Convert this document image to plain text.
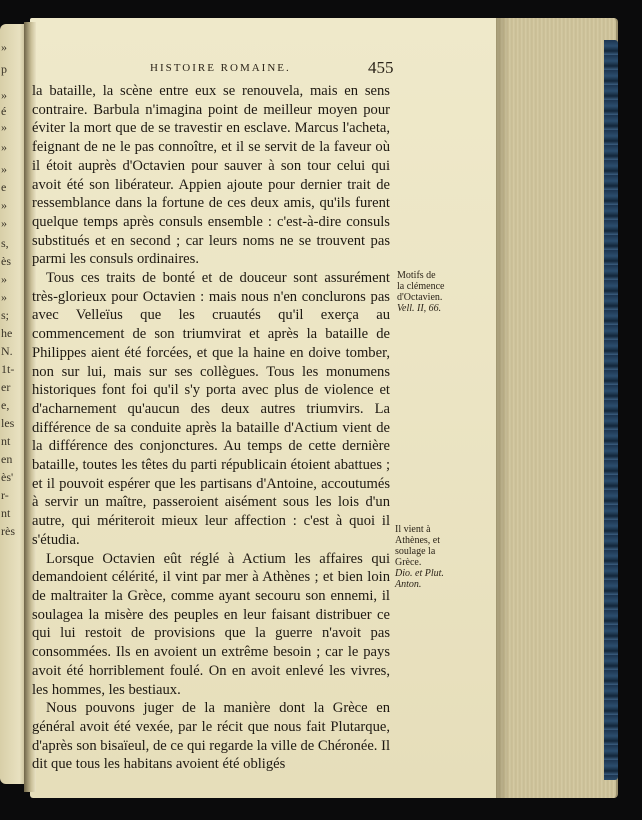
»
p
»
é
»
»
»
e
»
»
s,
ès
»
»
s;
he
N.
1t-
er
e,
les
nt
en
ès'
r-
nt
rès
HISTOIRE ROMAINE.	455

la bataille, la scène entre eux se renouvela, mais en sens contraire. Barbula n'imagina point de meilleur moyen pour éviter la mort que de se travestir en esclave. Marcus l'acheta, feignant de ne le pas connoître, et il se servit de la faveur où il étoit auprès d'Octavien pour sauver à son tour celui qui avoit été son libérateur. Appien ajoute pour dernier trait de ressemblance dans la fortune de ces deux amis, qu'ils furent quelque temps après consuls ensemble : c'est-à-dire consuls substitués et en second ; car leurs noms ne se trouvent pas parmi les consuls ordinaires.

Tous ces traits de bonté et de douceur sont assurément très-glorieux pour Octavien : mais nous n'en conclurons pas avec Velleïus que les cruautés qu'il exerça au commencement de son triumvirat et après la bataille de Philippes aient été forcées, et que la haine en doive tomber, non sur lui, mais sur ses collègues. Tous les monumens historiques font foi qu'il s'y porta avec plus de violence et d'acharnement qu'aucun des deux autres triumvirs. La différence de sa conduite après la bataille d'Actium vient de la différence des conjonctures. Au temps de cette dernière bataille, toutes les têtes du parti républicain étoient abattues ; et il pouvoit espérer que les partisans d'Antoine, accoutumés à servir un maître, passeroient aisément sous les lois d'un autre, qui mériteroit mieux leur affection : c'est à quoi il s'étudia.

Lorsque Octavien eût réglé à Actium les affaires qui demandoient célérité, il vint par mer à Athènes ; et bien loin de maltraiter la Grèce, comme ayant secouru son ennemi, il soulagea la misère des peuples en leur faisant distribuer ce qui lui restoit de provisions que la guerre n'avoit pas consommées. Ils en avoient un extrême besoin ; car le pays avoit été horriblement foulé. On en avoit enlevé les vivres, les hommes, les bestiaux.

Nous pouvons juger de la manière dont la Grèce en général avoit été vexée, par le récit que nous fait Plutarque, d'après son bisaïeul, de ce qui regarde la ville de Chéronée. Il dit que tous les habitans avoient été obligés

Motifs de
la clémence
d'Octavien.
Vell. II, 66.
Il vient à
Athènes, et
soulage la
Grèce.
Dio. et Plut. Anton.
